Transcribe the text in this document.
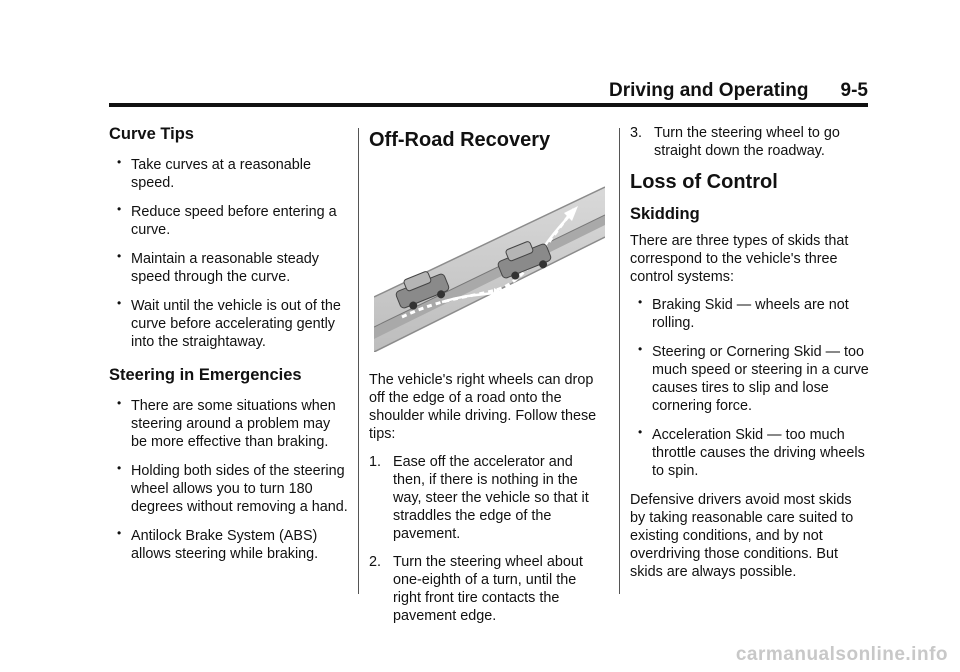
Driving and Operating 9-5
Curve Tips
• Take curves at a reasonable speed.
• Reduce speed before entering a curve.
• Maintain a reasonable steady speed through the curve.
• Wait until the vehicle is out of the curve before accelerating gently into the straightaway.
Steering in Emergencies
• There are some situations when steering around a problem may be more effective than braking.
• Holding both sides of the steering wheel allows you to turn 180 degrees without removing a hand.
• Antilock Brake System (ABS) allows steering while braking.
Off-Road Recovery

The vehicle's right wheels can drop off the edge of a road onto the shoulder while driving. Follow these tips:

1. Ease off the accelerator and then, if there is nothing in the way, steer the vehicle so that it straddles the edge of the pavement.
2. Turn the steering wheel about one-eighth of a turn, until the right front tire contacts the pavement edge.
3. Turn the steering wheel to go straight down the roadway.
Loss of Control
Skidding

There are three types of skids that correspond to the vehicle's three control systems:

• Braking Skid — wheels are not rolling.
• Steering or Cornering Skid — too much speed or steering in a curve causes tires to slip and lose cornering force.
• Acceleration Skid — too much throttle causes the driving wheels to spin.

Defensive drivers avoid most skids by taking reasonable care suited to existing conditions, and by not overdriving those conditions. But skids are always possible.

carmanualsonline.info
